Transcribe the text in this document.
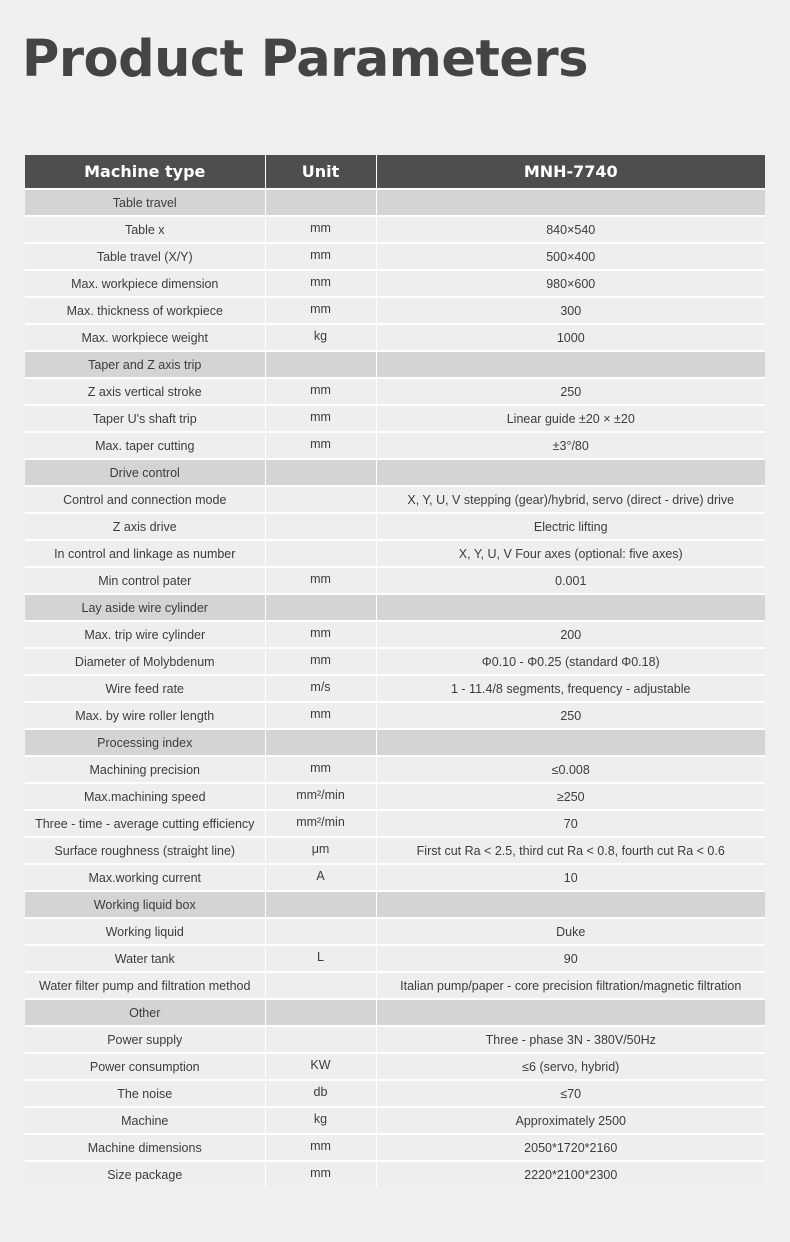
Product Parameters
Machine type	Unit	MNH-7740
Table travel		
Table x	mm	840×540
Table travel (X/Y)	mm	500×400
Max. workpiece dimension	mm	980×600
Max. thickness of workpiece	mm	300
Max. workpiece weight	kg	1000
Taper and Z axis trip		
Z axis vertical stroke	mm	250
Taper U's shaft trip	mm	Linear guide ±20 × ±20
Max. taper cutting	mm	±3°/80
Drive control		
Control and connection mode		X, Y, U, V stepping (gear)/hybrid, servo (direct - drive) drive
Z axis drive		Electric lifting
In control and linkage as number		X, Y, U, V Four axes (optional: five axes)
Min control pater	mm	0.001
Lay aside wire cylinder		
Max. trip wire cylinder	mm	200
Diameter of Molybdenum	mm	Φ0.10 - Φ0.25 (standard Φ0.18)
Wire feed rate	m/s	1 - 11.4/8 segments, frequency - adjustable
Max. by wire roller length	mm	250
Processing index		
Machining precision	mm	≤0.008
Max.machining speed	mm²/min	≥250
Three - time - average cutting efficiency	mm²/min	70
Surface roughness (straight line)	μm	First cut Ra < 2.5, third cut Ra < 0.8, fourth cut Ra < 0.6
Max.working current	A	10
Working liquid box		
Working liquid		Duke
Water tank	L	90
Water filter pump and filtration method		Italian pump/paper - core precision filtration/magnetic filtration
Other		
Power supply		Three - phase 3N - 380V/50Hz
Power consumption	KW	≤6 (servo, hybrid)
The noise	db	≤70
Machine	kg	Approximately 2500
Machine dimensions	mm	2050*1720*2160
Size package	mm	2220*2100*2300
